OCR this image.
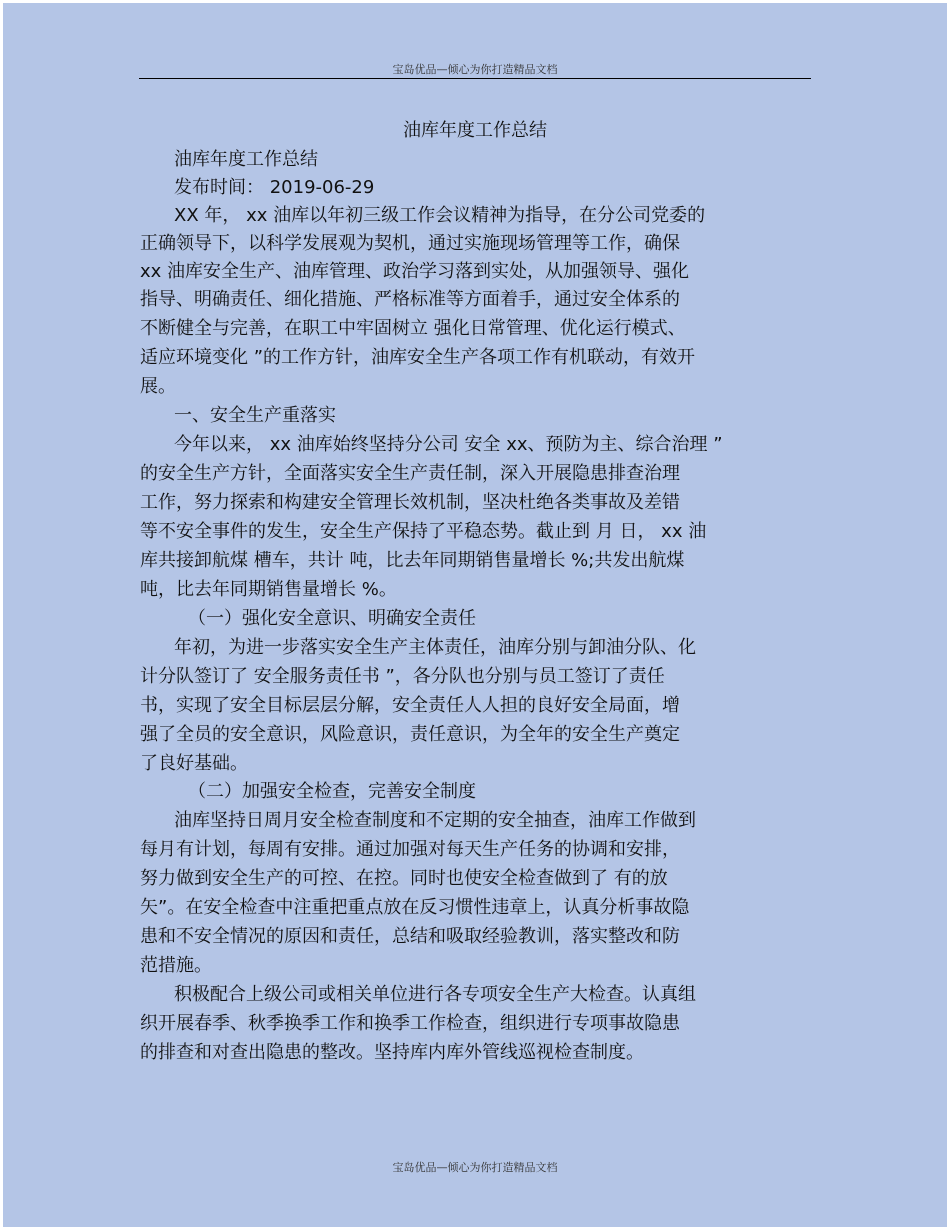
宝岛优品—倾心为你打造精品文档
油库年度工作总结
油库年度工作总结
发布时间： 2019-06-29
XX 年， xx 油库以年初三级工作会议精神为指导，在分公司党委的
正确领导下，以科学发展观为契机，通过实施现场管理等工作，确保
xx 油库安全生产、油库管理、政治学习落到实处，从加强领导、强化
指导、明确责任、细化措施、严格标准等方面着手，通过安全体系的
不断健全与完善，在职工中牢固树立 强化日常管理、优化运行模式、
适应环境变化 ”的工作方针，油库安全生产各项工作有机联动，有效开
展。
一、安全生产重落实
今年以来， xx 油库始终坚持分公司 安全 xx、预防为主、综合治理 ”
的安全生产方针，全面落实安全生产责任制，深入开展隐患排查治理
工作，努力探索和构建安全管理长效机制，坚决杜绝各类事故及差错
等不安全事件的发生，安全生产保持了平稳态势。截止到 月 日， xx 油
库共接卸航煤 槽车，共计 吨，比去年同期销售量增长 %;共发出航煤
吨，比去年同期销售量增长 %。
（一）强化安全意识、明确安全责任
年初，为进一步落实安全生产主体责任，油库分别与卸油分队、化
计分队签订了 安全服务责任书 ”，各分队也分别与员工签订了责任
书，实现了安全目标层层分解，安全责任人人担的良好安全局面，增
强了全员的安全意识，风险意识，责任意识，为全年的安全生产奠定
了良好基础。
（二）加强安全检查，完善安全制度
油库坚持日周月安全检查制度和不定期的安全抽查，油库工作做到
每月有计划，每周有安排。通过加强对每天生产任务的协调和安排，
努力做到安全生产的可控、在控。同时也使安全检查做到了 有的放
矢”。在安全检查中注重把重点放在反习惯性违章上，认真分析事故隐
患和不安全情况的原因和责任，总结和吸取经验教训，落实整改和防
范措施。
积极配合上级公司或相关单位进行各专项安全生产大检查。认真组
织开展春季、秋季换季工作和换季工作检查，组织进行专项事故隐患
的排查和对查出隐患的整改。坚持库内库外管线巡视检查制度。
宝岛优品—倾心为你打造精品文档
